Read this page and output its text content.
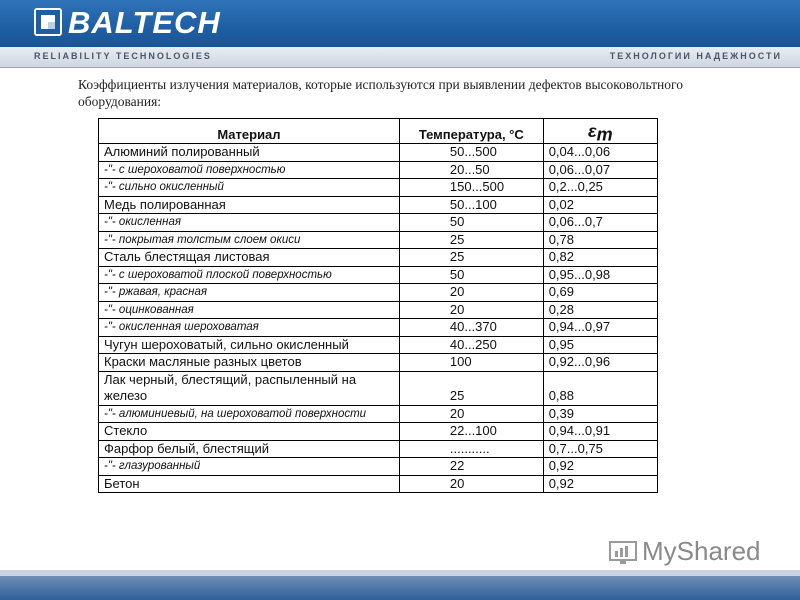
BALTECH
RELIABILITY TECHNOLOGIES	ТЕХНОЛОГИИ НАДЕЖНОСТИ
Коэффициенты излучения материалов, которые используются при выявлении дефектов высоковольтного оборудования:
Материал	Температура, °С	$\varepsilon_т$
Алюминий полированный	50...500	0,04...0,06
-"- с шероховатой поверхностью	20...50	0,06...0,07
-"- сильно окисленный	150...500	0,2...0,25
Медь полированная	50...100	0,02
-"- окисленная	50	0,06...0,7
-"- покрытая толстым слоем окиси	25	0,78
Сталь блестящая листовая	25	0,82
-"- с шероховатой плоской поверхностью	50	0,95...0,98
-"- ржавая, красная	20	0,69
-"- оцинкованная	20	0,28
-"- окисленная шероховатая	40...370	0,94...0,97
Чугун шероховатый, сильно окисленный	40...250	0,95
Краски масляные разных цветов	100	0,92...0,96
Лак черный, блестящий, распыленный на железо	25	0,88
-"- алюминиевый, на шероховатой поверхности	20	0,39
Стекло	22...100	0,94...0,91
Фарфор белый, блестящий	...........	0,7...0,75
-"- глазурованный	22	0,92
Бетон	20	0,92
MyShared
